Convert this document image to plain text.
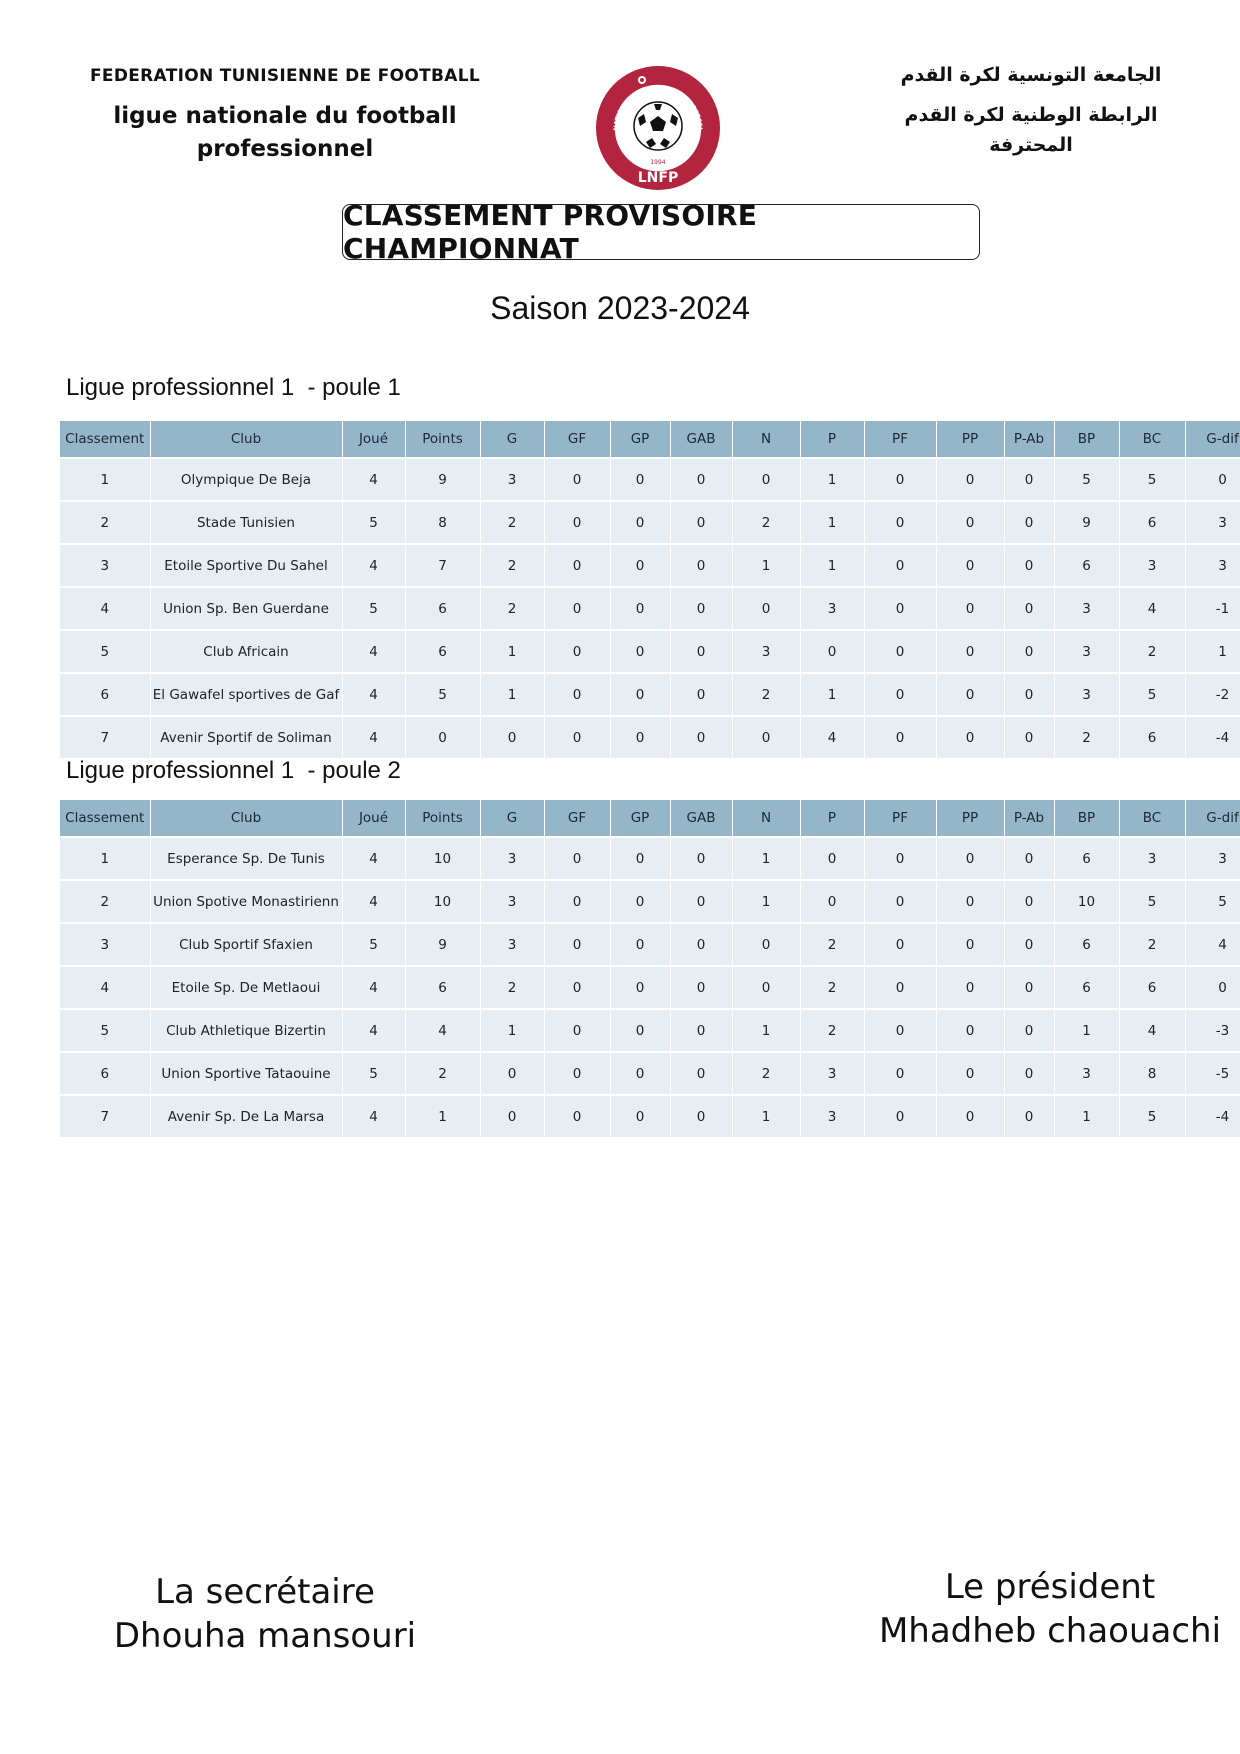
FEDERATION TUNISIENNE DE FOOTBALL
ligue nationale du football
professionnel
NATIONALE DE FOOTBALL PROFESSI
1994
LNFP
الجامعة التونسية لكرة القدم
الرابطة الوطنية لكرة القدم
المحترفة
CLASSEMENT PROVISOIRE CHAMPIONNAT
Saison 2023-2024
Ligue professionnel 1  - poule 1
Classement	Club	Joué	Points	G	GF	GP	GAB	N	P	PF	PP	P-Ab	BP	BC	G-dif
1	Olympique De Beja	4	9	3	0	0	0	0	1	0	0	0	5	5	0
2	Stade Tunisien	5	8	2	0	0	0	2	1	0	0	0	9	6	3
3	Etoile Sportive Du Sahel	4	7	2	0	0	0	1	1	0	0	0	6	3	3
4	Union Sp. Ben Guerdane	5	6	2	0	0	0	0	3	0	0	0	3	4	-1
5	Club Africain	4	6	1	0	0	0	3	0	0	0	0	3	2	1
6	El Gawafel sportives de Gaf	4	5	1	0	0	0	2	1	0	0	0	3	5	-2
7	Avenir Sportif de Soliman	4	0	0	0	0	0	0	4	0	0	0	2	6	-4
Ligue professionnel 1  - poule 2
Classement	Club	Joué	Points	G	GF	GP	GAB	N	P	PF	PP	P-Ab	BP	BC	G-dif
1	Esperance Sp. De Tunis	4	10	3	0	0	0	1	0	0	0	0	6	3	3
2	Union Spotive Monastirienn	4	10	3	0	0	0	1	0	0	0	0	10	5	5
3	Club Sportif Sfaxien	5	9	3	0	0	0	0	2	0	0	0	6	2	4
4	Etoile Sp. De Metlaoui	4	6	2	0	0	0	0	2	0	0	0	6	6	0
5	Club Athletique Bizertin	4	4	1	0	0	0	1	2	0	0	0	1	4	-3
6	Union Sportive Tataouine	5	2	0	0	0	0	2	3	0	0	0	3	8	-5
7	Avenir Sp. De La Marsa	4	1	0	0	0	0	1	3	0	0	0	1	5	-4
La secrétaire
Dhouha mansouri
Le président
Mhadheb chaouachi
